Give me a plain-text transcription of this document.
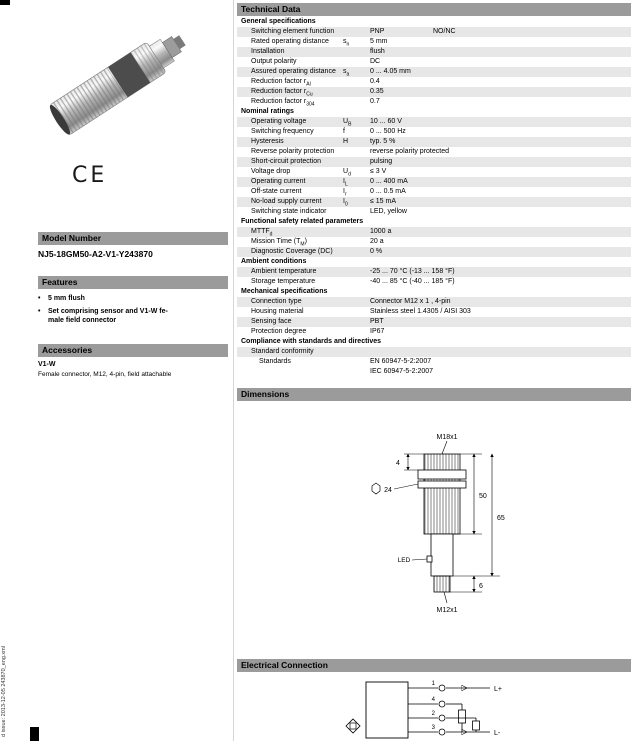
d issue: 2013-12-05 243870_eng.xml
CE
Model Number
NJ5-18GM50-A2-V1-Y243870
Features
•	5 mm flush
•	Set comprising sensor and V1-W fe-
male field connector
Accessories
V1-W
Female connector, M12, 4-pin, field attachable
Technical Data
General specifications
Switching element function	PNP	NO/NC
Rated operating distance $s_n$	5 mm
Installation	flush
Output polarity	DC
Assured operating distance $s_a$	0 ... 4.05 mm
Reduction factor $r_{Al}$	0.4
Reduction factor $r_{Cu}$	0.35
Reduction factor $r_{304}$	0.7
Nominal ratings
Operating voltage	$U_B$	10 ... 60 V
Switching frequency	f	0 ... 500 Hz
Hysteresis	H	typ. 5 %
Reverse polarity protection	reverse polarity protected
Short-circuit protection	pulsing
Voltage drop	$U_d$	≤ 3 V
Operating current	$I_L$	0 ... 400 mA
Off-state current	$I_r$	0 ... 0.5 mA
No-load supply current	$I_0$	≤ 15 mA
Switching state indicator	LED, yellow
Functional safety related parameters
$MTTF_d$	1000 a
Mission Time $(T_M)$	20 a
Diagnostic Coverage (DC)	0 %
Ambient conditions
Ambient temperature	-25 ... 70 °C (-13 ... 158 °F)
Storage temperature	-40 ... 85 °C (-40 ... 185 °F)
Mechanical specifications
Connection type	Connector M12 x 1 , 4-pin
Housing material	Stainless steel 1.4305 / AISI 303
Sensing face	PBT
Protection degree	IP67
Compliance with standards and directives
Standard conformity
Standards	EN 60947-5-2:2007
IEC 60947-5-2:2007
Dimensions
M18x1
M12x1
4
24
LED
50
65
6
Electrical Connection
1
L+
4
2
3
L-
